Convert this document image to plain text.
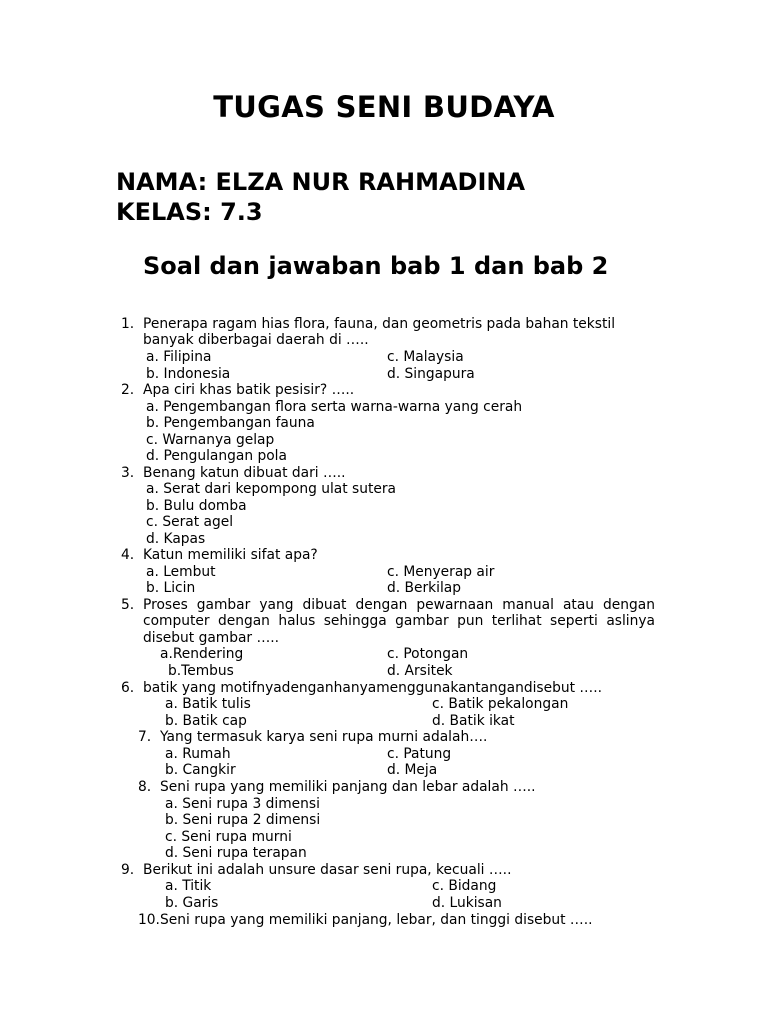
TUGAS SENI BUDAYA
NAMA: ELZA NUR RAHMADINA
KELAS: 7.3
Soal dan jawaban bab 1 dan bab 2
1. Penerapa ragam hias flora, fauna, dan geometris pada bahan tekstil
banyak diberbagai daerah di …..
a. Filipina	c. Malaysia
b. Indonesia	d. Singapura
2. Apa ciri khas batik pesisir? …..
a. Pengembangan flora serta warna-warna yang cerah
b. Pengembangan fauna
c. Warnanya gelap
d. Pengulangan pola
3. Benang katun dibuat dari …..
a. Serat dari kepompong ulat sutera
b. Bulu domba
c. Serat agel
d. Kapas
4. Katun memiliki sifat apa?
a. Lembut	c. Menyerap air
b. Licin	d. Berkilap
5. Proses gambar yang dibuat dengan pewarnaan manual atau dengan
computer dengan halus sehingga gambar pun terlihat seperti aslinya
disebut gambar …..
a.Rendering	c. Potongan
b.Tembus	d. Arsitek
6. batik yang motifnyadenganhanyamenggunakantangandisebut …..
a. Batik tulis	c. Batik pekalongan
b. Batik cap	d. Batik ikat
7. Yang termasuk karya seni rupa murni adalah….
a. Rumah	c. Patung
b. Cangkir	d. Meja
8. Seni rupa yang memiliki panjang dan lebar adalah …..
a. Seni rupa 3 dimensi
b. Seni rupa 2 dimensi
c. Seni rupa murni
d. Seni rupa terapan
9. Berikut ini adalah unsure dasar seni rupa, kecuali …..
a. Titik	c. Bidang
b. Garis	d. Lukisan
10. Seni rupa yang memiliki panjang, lebar, dan tinggi disebut …..
